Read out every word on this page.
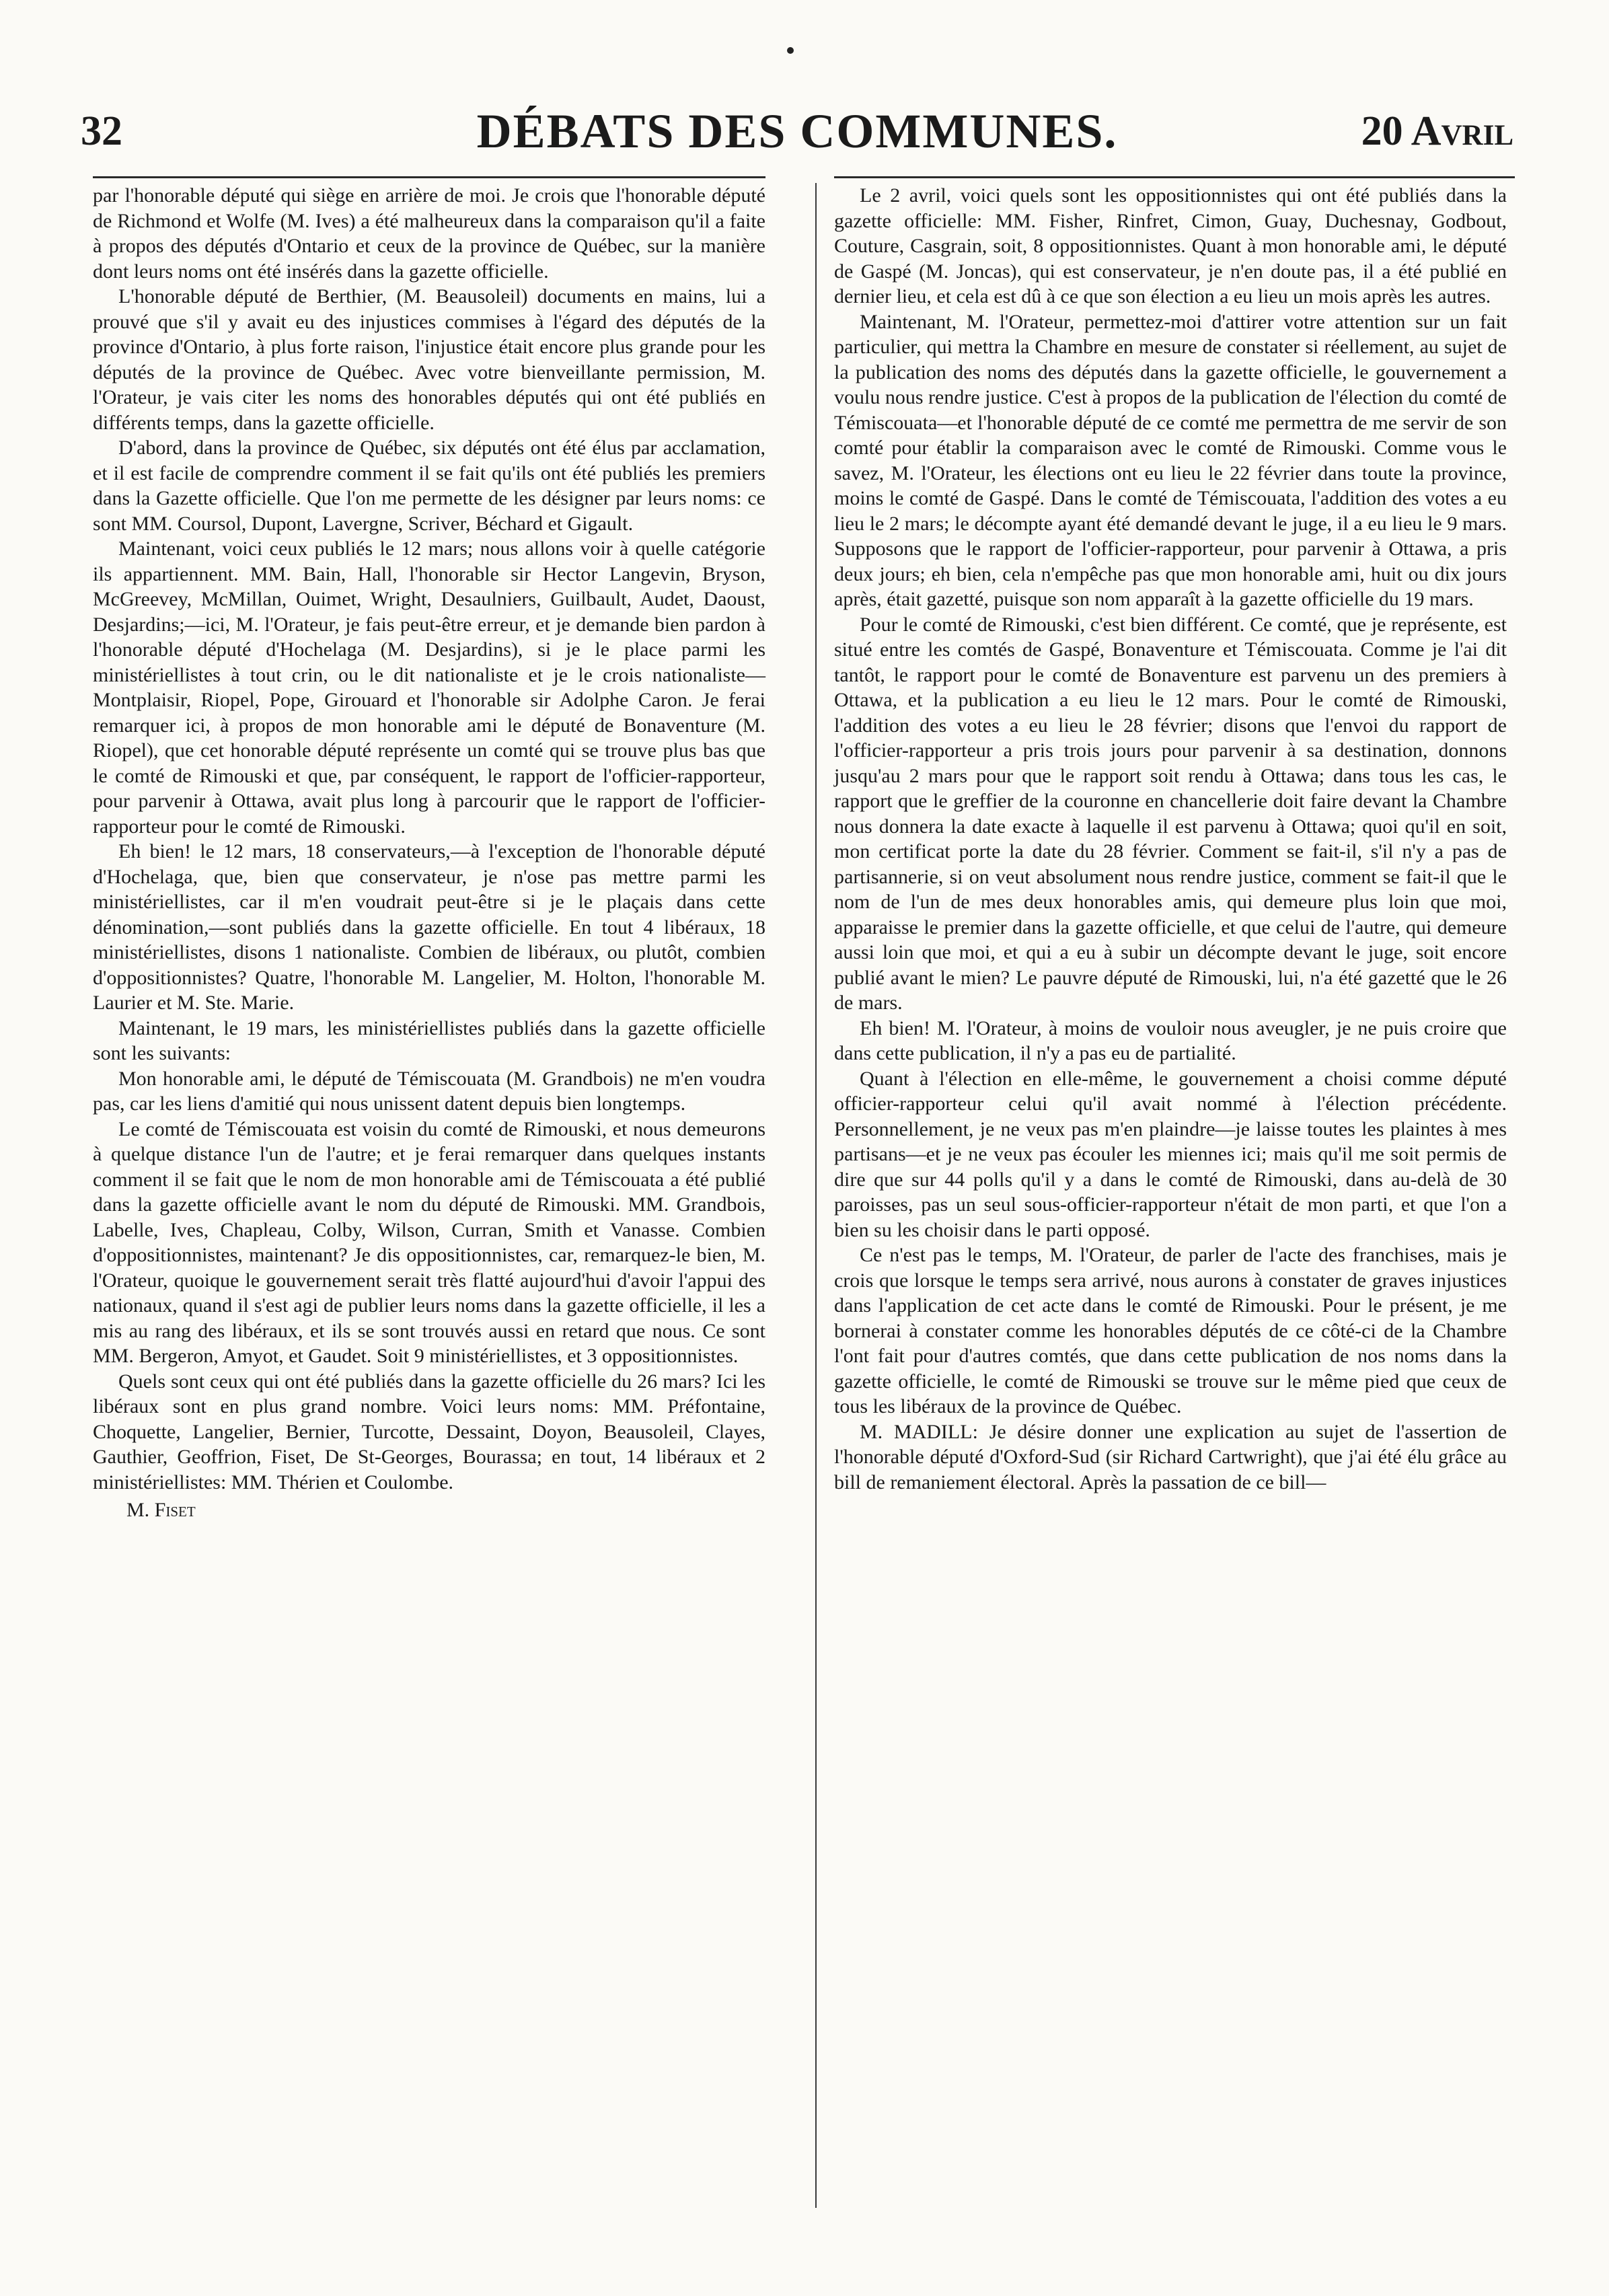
32	DÉBATS DES COMMUNES.	20 Avril

par l'honorable député qui siège en arrière de moi. Je crois que l'honorable député de Richmond et Wolfe (M. Ives) a été malheureux dans la comparaison qu'il a faite à propos des députés d'Ontario et ceux de la province de Québec, sur la manière dont leurs noms ont été insérés dans la gazette officielle.

L'honorable député de Berthier, (M. Beausoleil) documents en mains, lui a prouvé que s'il y avait eu des injustices commises à l'égard des députés de la province d'Ontario, à plus forte raison, l'injustice était encore plus grande pour les députés de la province de Québec. Avec votre bienveillante permission, M. l'Orateur, je vais citer les noms des honorables députés qui ont été publiés en différents temps, dans la gazette officielle.

D'abord, dans la province de Québec, six députés ont été élus par acclamation, et il est facile de comprendre comment il se fait qu'ils ont été publiés les premiers dans la Gazette officielle. Que l'on me permette de les désigner par leurs noms: ce sont MM. Coursol, Dupont, Lavergne, Scriver, Béchard et Gigault.

Maintenant, voici ceux publiés le 12 mars; nous allons voir à quelle catégorie ils appartiennent. MM. Bain, Hall, l'honorable sir Hector Langevin, Bryson, McGreevey, McMillan, Ouimet, Wright, Desaulniers, Guilbault, Audet, Daoust, Desjardins;—ici, M. l'Orateur, je fais peut-être erreur, et je demande bien pardon à l'honorable député d'Hochelaga (M. Desjardins), si je le place parmi les ministériellistes à tout crin, ou le dit nationaliste et je le crois nationaliste—Montplaisir, Riopel, Pope, Girouard et l'honorable sir Adolphe Caron. Je ferai remarquer ici, à propos de mon honorable ami le député de Bonaventure (M. Riopel), que cet honorable député représente un comté qui se trouve plus bas que le comté de Rimouski et que, par conséquent, le rapport de l'officier-rapporteur, pour parvenir à Ottawa, avait plus long à parcourir que le rapport de l'officier-rapporteur pour le comté de Rimouski.

Eh bien! le 12 mars, 18 conservateurs,—à l'exception de l'honorable député d'Hochelaga, que, bien que conservateur, je n'ose pas mettre parmi les ministériellistes, car il m'en voudrait peut-être si je le plaçais dans cette dénomination,—sont publiés dans la gazette officielle. En tout 4 libéraux, 18 ministériellistes, disons 1 nationaliste. Combien de libéraux, ou plutôt, combien d'oppositionnistes? Quatre, l'honorable M. Langelier, M. Holton, l'honorable M. Laurier et M. Ste. Marie.

Maintenant, le 19 mars, les ministériellistes publiés dans la gazette officielle sont les suivants:

Mon honorable ami, le député de Témiscouata (M. Grandbois) ne m'en voudra pas, car les liens d'amitié qui nous unissent datent depuis bien longtemps.

Le comté de Témiscouata est voisin du comté de Rimouski, et nous demeurons à quelque distance l'un de l'autre; et je ferai remarquer dans quelques instants comment il se fait que le nom de mon honorable ami de Témiscouata a été publié dans la gazette officielle avant le nom du député de Rimouski. MM. Grandbois, Labelle, Ives, Chapleau, Colby, Wilson, Curran, Smith et Vanasse. Combien d'oppositionnistes, maintenant? Je dis oppositionnistes, car, remarquez-le bien, M. l'Orateur, quoique le gouvernement serait très flatté aujourd'hui d'avoir l'appui des nationaux, quand il s'est agi de publier leurs noms dans la gazette officielle, il les a mis au rang des libéraux, et ils se sont trouvés aussi en retard que nous. Ce sont MM. Bergeron, Amyot, et Gaudet. Soit 9 ministériellistes, et 3 oppositionnistes.

Quels sont ceux qui ont été publiés dans la gazette officielle du 26 mars? Ici les libéraux sont en plus grand nombre. Voici leurs noms: MM. Préfontaine, Choquette, Langelier, Bernier, Turcotte, Dessaint, Doyon, Beausoleil, Clayes, Gauthier, Geoffrion, Fiset, De St-Georges, Bourassa; en tout, 14 libéraux et 2 ministériellistes: MM. Thérien et Coulombe.

M. Fiset

Le 2 avril, voici quels sont les oppositionnistes qui ont été publiés dans la gazette officielle: MM. Fisher, Rinfret, Cimon, Guay, Duchesnay, Godbout, Couture, Casgrain, soit, 8 oppositionnistes. Quant à mon honorable ami, le député de Gaspé (M. Joncas), qui est conservateur, je n'en doute pas, il a été publié en dernier lieu, et cela est dû à ce que son élection a eu lieu un mois après les autres.

Maintenant, M. l'Orateur, permettez-moi d'attirer votre attention sur un fait particulier, qui mettra la Chambre en mesure de constater si réellement, au sujet de la publication des noms des députés dans la gazette officielle, le gouvernement a voulu nous rendre justice. C'est à propos de la publication de l'élection du comté de Témiscouata—et l'honorable député de ce comté me permettra de me servir de son comté pour établir la comparaison avec le comté de Rimouski. Comme vous le savez, M. l'Orateur, les élections ont eu lieu le 22 février dans toute la province, moins le comté de Gaspé. Dans le comté de Témiscouata, l'addition des votes a eu lieu le 2 mars; le décompte ayant été demandé devant le juge, il a eu lieu le 9 mars. Supposons que le rapport de l'officier-rapporteur, pour parvenir à Ottawa, a pris deux jours; eh bien, cela n'empêche pas que mon honorable ami, huit ou dix jours après, était gazetté, puisque son nom apparaît à la gazette officielle du 19 mars.

Pour le comté de Rimouski, c'est bien différent. Ce comté, que je représente, est situé entre les comtés de Gaspé, Bonaventure et Témiscouata. Comme je l'ai dit tantôt, le rapport pour le comté de Bonaventure est parvenu un des premiers à Ottawa, et la publication a eu lieu le 12 mars. Pour le comté de Rimouski, l'addition des votes a eu lieu le 28 février; disons que l'envoi du rapport de l'officier-rapporteur a pris trois jours pour parvenir à sa destination, donnons jusqu'au 2 mars pour que le rapport soit rendu à Ottawa; dans tous les cas, le rapport que le greffier de la couronne en chancellerie doit faire devant la Chambre nous donnera la date exacte à laquelle il est parvenu à Ottawa; quoi qu'il en soit, mon certificat porte la date du 28 février. Comment se fait-il, s'il n'y a pas de partisannerie, si on veut absolument nous rendre justice, comment se fait-il que le nom de l'un de mes deux honorables amis, qui demeure plus loin que moi, apparaisse le premier dans la gazette officielle, et que celui de l'autre, qui demeure aussi loin que moi, et qui a eu à subir un décompte devant le juge, soit encore publié avant le mien? Le pauvre député de Rimouski, lui, n'a été gazetté que le 26 de mars.

Eh bien! M. l'Orateur, à moins de vouloir nous aveugler, je ne puis croire que dans cette publication, il n'y a pas eu de partialité.

Quant à l'élection en elle-même, le gouvernement a choisi comme député officier-rapporteur celui qu'il avait nommé à l'élection précédente. Personnellement, je ne veux pas m'en plaindre—je laisse toutes les plaintes à mes partisans—et je ne veux pas écouler les miennes ici; mais qu'il me soit permis de dire que sur 44 polls qu'il y a dans le comté de Rimouski, dans au-delà de 30 paroisses, pas un seul sous-officier-rapporteur n'était de mon parti, et que l'on a bien su les choisir dans le parti opposé.

Ce n'est pas le temps, M. l'Orateur, de parler de l'acte des franchises, mais je crois que lorsque le temps sera arrivé, nous aurons à constater de graves injustices dans l'application de cet acte dans le comté de Rimouski. Pour le présent, je me bornerai à constater comme les honorables députés de ce côté-ci de la Chambre l'ont fait pour d'autres comtés, que dans cette publication de nos noms dans la gazette officielle, le comté de Rimouski se trouve sur le même pied que ceux de tous les libéraux de la province de Québec.

M. MADILL: Je désire donner une explication au sujet de l'assertion de l'honorable député d'Oxford-Sud (sir Richard Cartwright), que j'ai été élu grâce au bill de remaniement électoral. Après la passation de ce bill—
